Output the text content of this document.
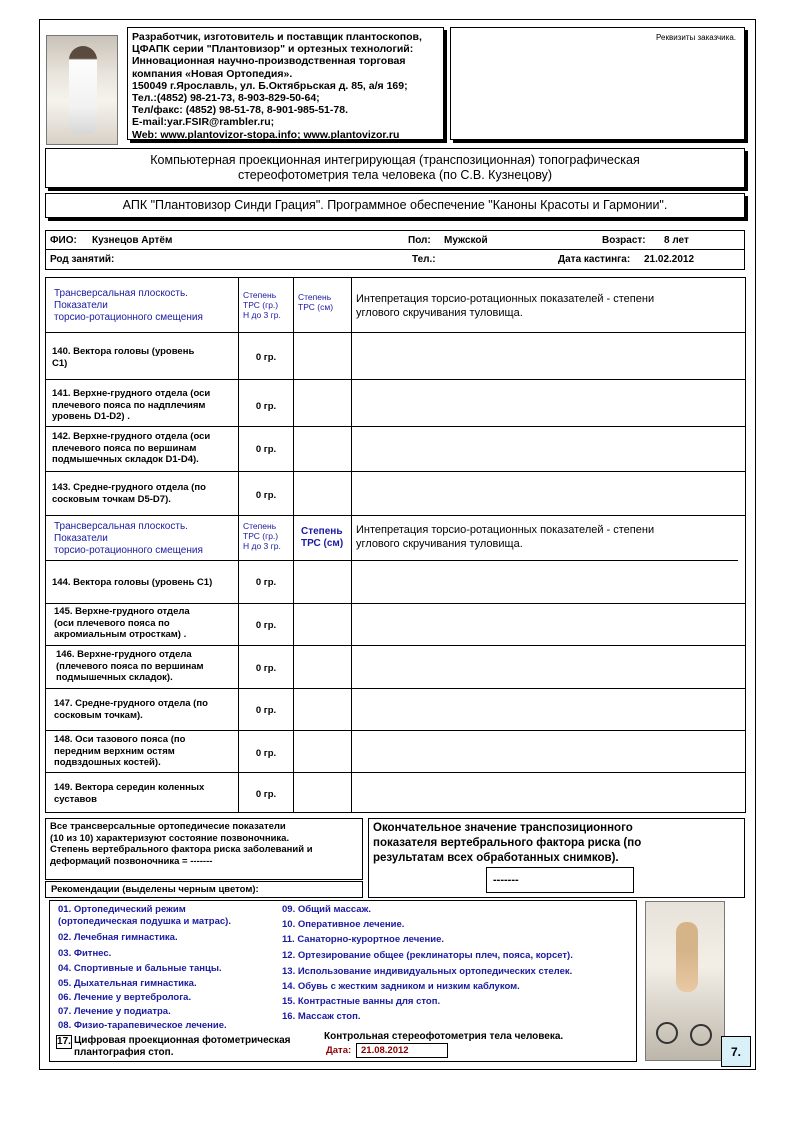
Разработчик, изготовитель и поставщик плантоскопов,
ЦФАПК серии "Плантовизор" и ортезных технологий:
Инновационная научно-производственная торговая
компания «Новая Ортопедия».
150049 г.Ярославль, ул. Б.Октябрьская д. 85, а/я 169;
Тел.:(4852) 98-21-73, 8-903-829-50-64;
Тел/факс: (4852) 98-51-78, 8-901-985-51-78.
E-mail:yar.FSIR@rambler.ru;
Web: www.plantovizor-stopa.info; www.plantovizor.ru
Реквизиты заказчика.
Компьютерная проекционная интегрирующая (транспозиционная) топографическая
стереофотометрия тела человека (по С.В. Кузнецову)
АПК "Плантовизор Синди Грация". Программное обеспечение "Каноны Красоты и Гармонии".
ФИО: Кузнецов Артём	Пол: Мужской	Возраст: 8 лет
Род занятий:	Тел.:	Дата кастинга: 21.02.2012
Трансверсальная плоскость.
Показатели
торсио-ротационного смещения
Степень
ТРС (гр.)
Н до 3 гр.
Степень
ТРС (см)
Интепретация торсио-ротационных показателей - степени
углового скручивания туловища.
140. Вектора головы (уровень
С1)	0 гр.
141. Верхне-грудного отдела (оси
плечевого пояса по надплечиям
уровень D1-D2) .
0 гр.
142. Верхне-грудного отдела (оси
плечевого пояса по вершинам
подмышечных складок D1-D4).
0 гр.
143. Средне-грудного отдела (по
сосковым точкам D5-D7).	0 гр.
Трансверсальная плоскость.
Показатели
торсио-ротационного смещения
Степень
ТРС (гр.)
Н до 3 гр.
Степень
ТРС (см)
Интепретация торсио-ротационных показателей - степени
углового скручивания туловища.
144. Вектора головы (уровень С1)	0 гр.
145. Верхне-грудного отдела
(оси плечевого пояса по
акромиальным отросткам) .
0 гр.
146. Верхне-грудного отдела
(плечевого пояса по вершинам
подмышечных складок).
0 гр.
147. Средне-грудного отдела (по
сосковым точкам).	0 гр.
148. Оси тазового пояса (по
передним верхним остям
подвздошных костей).
0 гр.
149. Вектора середин коленных
суставов	0 гр.
Все трансверсальные ортопедичесие показатели
(10 из 10) характеризуют состояние позвоночника.
Степень вертебрального фактора риска заболеваний и
деформаций позвоночника = -------
Окончательное значение транспозиционного
показателя вертебрального фактора риска (по
результатам всех обработанных снимков).
-------
Рекомендации (выделены черным цветом):
01. Ортопедический режим
(ортопедическая подушка и матрас).
02. Лечебная гимнастика.
03. Фитнес.
04. Спортивные и бальные танцы.
05. Дыхательная гимнастика.
06. Лечение у вертебролога.
07. Лечение у подиатра.
08. Физио-тарапевическое лечение.
17. Цифровая проекционная фотометрическая
плантография стоп.
09. Общий массаж.
10. Оперативное лечение.
11. Санаторно-курортное лечение.
12. Ортезирование общее (реклинаторы плеч, пояса, корсет).
13. Использование индивидуальных ортопедических стелек.
14. Обувь с жестким задником и низким каблуком.
15. Контрастные ванны для стоп.
16. Массаж стоп.
Контрольная стереофотометрия тела человека.
Дата:	21.08.2012	7.
